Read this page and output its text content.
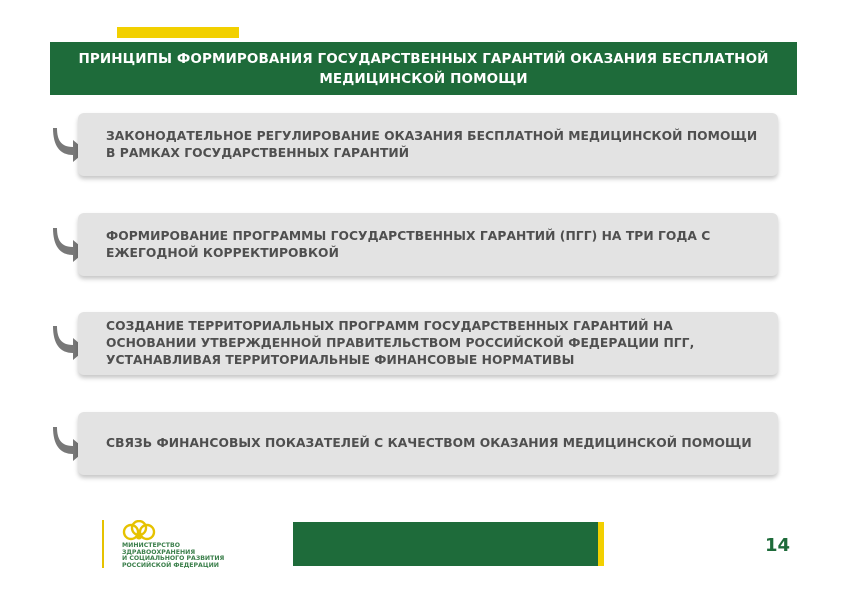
ПРИНЦИПЫ ФОРМИРОВАНИЯ ГОСУДАРСТВЕННЫХ ГАРАНТИЙ ОКАЗАНИЯ БЕСПЛАТНОЙ МЕДИЦИНСКОЙ ПОМОЩИ
ЗАКОНОДАТЕЛЬНОЕ РЕГУЛИРОВАНИЕ ОКАЗАНИЯ БЕСПЛАТНОЙ МЕДИЦИНСКОЙ ПОМОЩИ В РАМКАХ ГОСУДАРСТВЕННЫХ ГАРАНТИЙ
ФОРМИРОВАНИЕ ПРОГРАММЫ ГОСУДАРСТВЕННЫХ ГАРАНТИЙ (ПГГ) НА ТРИ ГОДА С ЕЖЕГОДНОЙ КОРРЕКТИРОВКОЙ
СОЗДАНИЕ ТЕРРИТОРИАЛЬНЫХ ПРОГРАММ ГОСУДАРСТВЕННЫХ ГАРАНТИЙ НА ОСНОВАНИИ УТВЕРЖДЕННОЙ ПРАВИТЕЛЬСТВОМ РОССИЙСКОЙ ФЕДЕРАЦИИ ПГГ, УСТАНАВЛИВАЯ ТЕРРИТОРИАЛЬНЫЕ ФИНАНСОВЫЕ НОРМАТИВЫ
СВЯЗЬ ФИНАНСОВЫХ ПОКАЗАТЕЛЕЙ С КАЧЕСТВОМ ОКАЗАНИЯ МЕДИЦИНСКОЙ ПОМОЩИ
МИНИСТЕРСТВО
ЗДРАВООХРАНЕНИЯ
И СОЦИАЛЬНОГО РАЗВИТИЯ
РОССИЙСКОЙ ФЕДЕРАЦИИ
14
